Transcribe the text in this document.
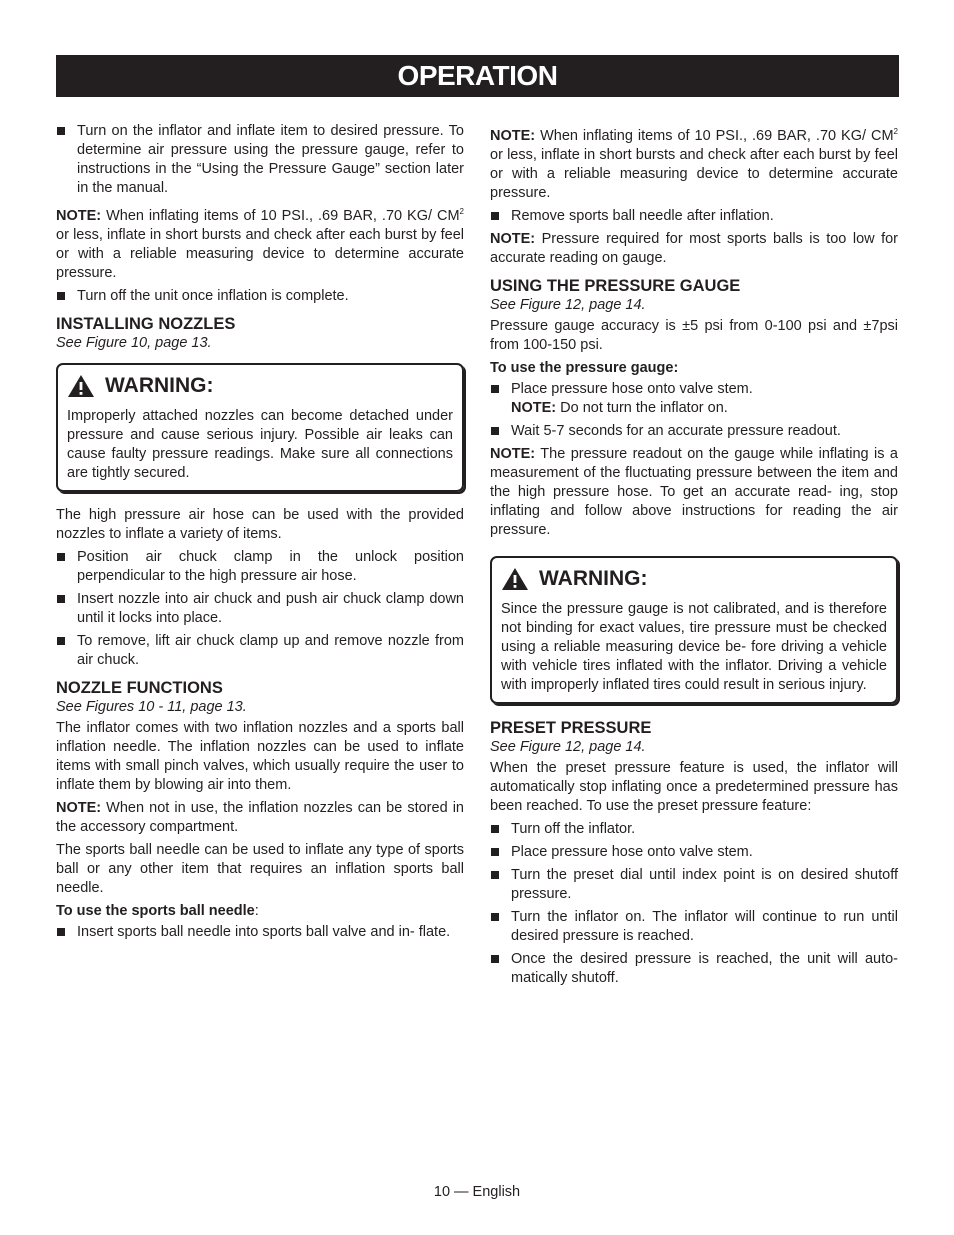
OPERATION
Turn on the inflator and inflate item to desired pressure. To determine air pressure using the pressure gauge, refer to instructions in the “Using the Pressure Gauge” section later in the manual.

NOTE: When inflating items of 10 PSI., .69 BAR, .70 KG/ $CM^2$ or less, inflate in short bursts and check after each burst by feel or with a reliable measuring device to determine accurate pressure.

Turn off the unit once inflation is complete.
INSTALLING NOZZLES

See Figure 10, page 13.

WARNING:
Improperly attached nozzles can become detached under pressure and cause serious injury. Possible air leaks can cause faulty pressure readings. Make sure all connections are tightly secured.

The high pressure air hose can be used with the provided nozzles to inflate a variety of items.

Position air chuck clamp in the unlock position perpendicular to the high pressure air hose.
Insert nozzle into air chuck and push air chuck clamp down until it locks into place.
To remove, lift air chuck clamp up and remove nozzle from air chuck.
NOZZLE FUNCTIONS

See Figures 10 - 11, page 13.

The inflator comes with two inflation nozzles and a sports ball inflation needle. The inflation nozzles can be used to inflate items with small pinch valves, which usually require the user to inflate them by blowing air into them.

NOTE: When not in use, the inflation nozzles can be stored in the accessory compartment.

The sports ball needle can be used to inflate any type of sports ball or any other item that requires an inflation sports ball needle.

To use the sports ball needle:

Insert sports ball needle into sports ball valve and in- flate.

NOTE: When inflating items of 10 PSI., .69 BAR, .70 KG/ $CM^2$ or less, inflate in short bursts and check after each burst by feel or with a reliable measuring device to determine accurate pressure.

Remove sports ball needle after inflation.

NOTE: Pressure required for most sports balls is too low for accurate reading on gauge.

USING THE PRESSURE GAUGE

See Figure 12, page 14.

Pressure gauge accuracy is ±5 psi from 0-100 psi and ±7psi from 100-150 psi.

To use the pressure gauge:

Place pressure hose onto valve stem.
NOTE: Do not turn the inflator on.
Wait 5-7 seconds for an accurate pressure readout.

NOTE: The pressure readout on the gauge while inflating is a measurement of the fluctuating pressure between the item and the high pressure hose. To get an accurate read- ing, stop inflating and follow above instructions for reading the air pressure.

WARNING:
Since the pressure gauge is not calibrated, and is therefore not binding for exact values, tire pressure must be checked using a reliable measuring device be- fore driving a vehicle with vehicle tires inflated with the inflator. Driving a vehicle with improperly inflated tires could result in serious injury.
PRESET PRESSURE

See Figure 12, page 14.

When the preset pressure feature is used, the inflator will automatically stop inflating once a predetermined pressure has been reached. To use the preset pressure feature:

Turn off the inflator.
Place pressure hose onto valve stem.
Turn the preset dial until index point is on desired shutoff pressure.
Turn the inflator on. The inflator will continue to run until desired pressure is reached.
Once the desired pressure is reached, the unit will auto- matically shutoff.
10 — English
